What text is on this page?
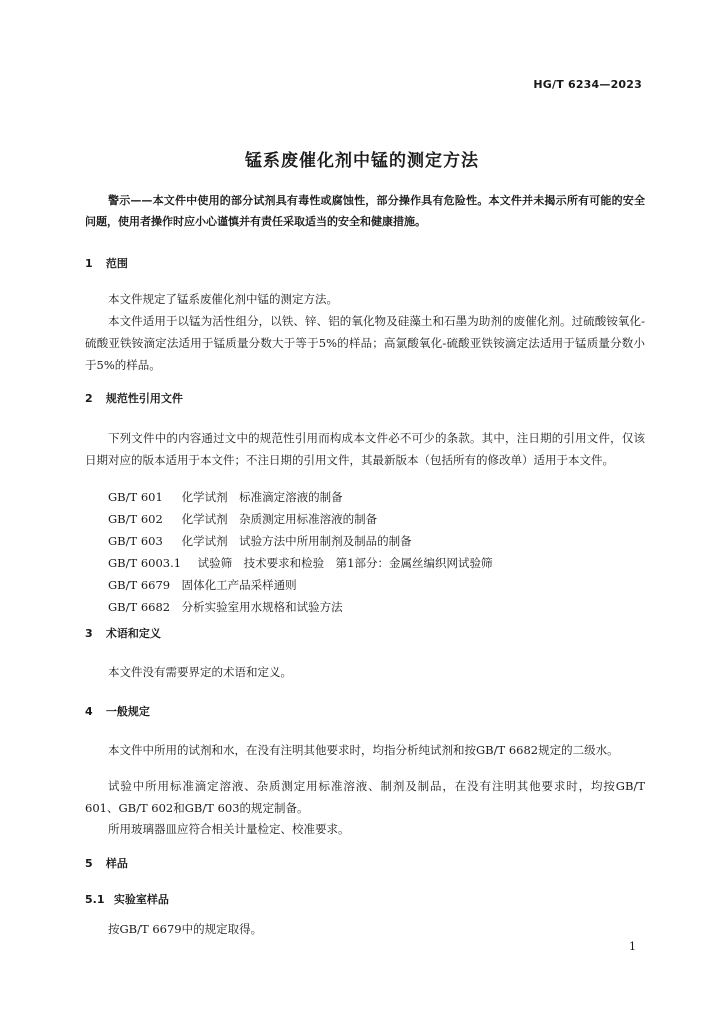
HG/T 6234—2023
锰系废催化剂中锰的测定方法

警示——本文件中使用的部分试剂具有毒性或腐蚀性，部分操作具有危险性。本文件并未揭示所有可能的安全问题，使用者操作时应小心谨慎并有责任采取适当的安全和健康措施。

1 范围

本文件规定了锰系废催化剂中锰的测定方法。

本文件适用于以锰为活性组分，以铁、锌、铝的氧化物及硅藻土和石墨为助剂的废催化剂。过硫酸铵氧化-硫酸亚铁铵滴定法适用于锰质量分数大于等于5%的样品；高氯酸氧化-硫酸亚铁铵滴定法适用于锰质量分数小于5%的样品。

2 规范性引用文件

下列文件中的内容通过文中的规范性引用而构成本文件必不可少的条款。其中，注日期的引用文件，仅该日期对应的版本适用于本文件；不注日期的引用文件，其最新版本（包括所有的修改单）适用于本文件。

GB/T 601 化学试剂　标准滴定溶液的制备
GB/T 602 化学试剂　杂质测定用标准溶液的制备
GB/T 603 化学试剂　试验方法中所用制剂及制品的制备
GB/T 6003.1 试验筛　技术要求和检验　第1部分：金属丝编织网试验筛
GB/T 6679 固体化工产品采样通则
GB/T 6682 分析实验室用水规格和试验方法
3 术语和定义

本文件没有需要界定的术语和定义。

4 一般规定

本文件中所用的试剂和水，在没有注明其他要求时，均指分析纯试剂和按GB/T 6682规定的二级水。

试验中所用标准滴定溶液、杂质测定用标准溶液、制剂及制品，在没有注明其他要求时，均按GB/T 601、GB/T 602和GB/T 603的规定制备。

所用玻璃器皿应符合相关计量检定、校准要求。

5 样品
5.1 实验室样品

按GB/T 6679中的规定取得。

1
